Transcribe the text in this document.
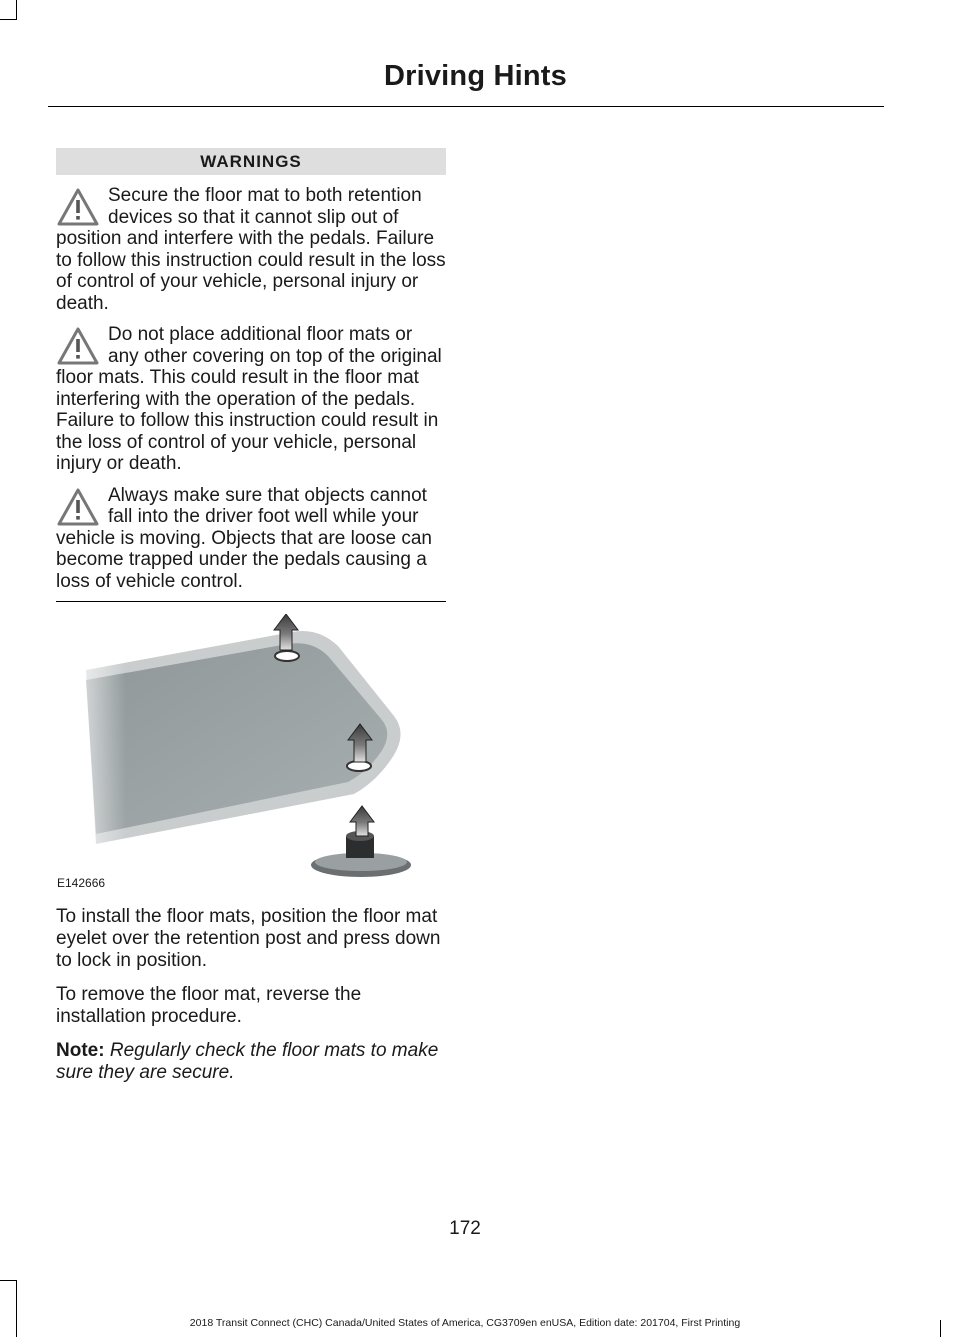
Driving Hints
WARNINGS
Secure the floor mat to both retention devices so that it cannot slip out of position and interfere with the pedals. Failure to follow this instruction could result in the loss of control of your vehicle, personal injury or death.
Do not place additional floor mats or any other covering on top of the original floor mats. This could result in the floor mat interfering with the operation of the pedals. Failure to follow this instruction could result in the loss of control of your vehicle, personal injury or death.
Always make sure that objects cannot fall into the driver foot well while your vehicle is moving. Objects that are loose can become trapped under the pedals causing a loss of vehicle control.
E142666

To install the floor mats, position the floor mat eyelet over the retention post and press down to lock in position.

To remove the floor mat, reverse the installation procedure.

Note: Regularly check the floor mats to make sure they are secure.

172
2018 Transit Connect (CHC) Canada/United States of America, CG3709en enUSA, Edition date: 201704, First Printing
